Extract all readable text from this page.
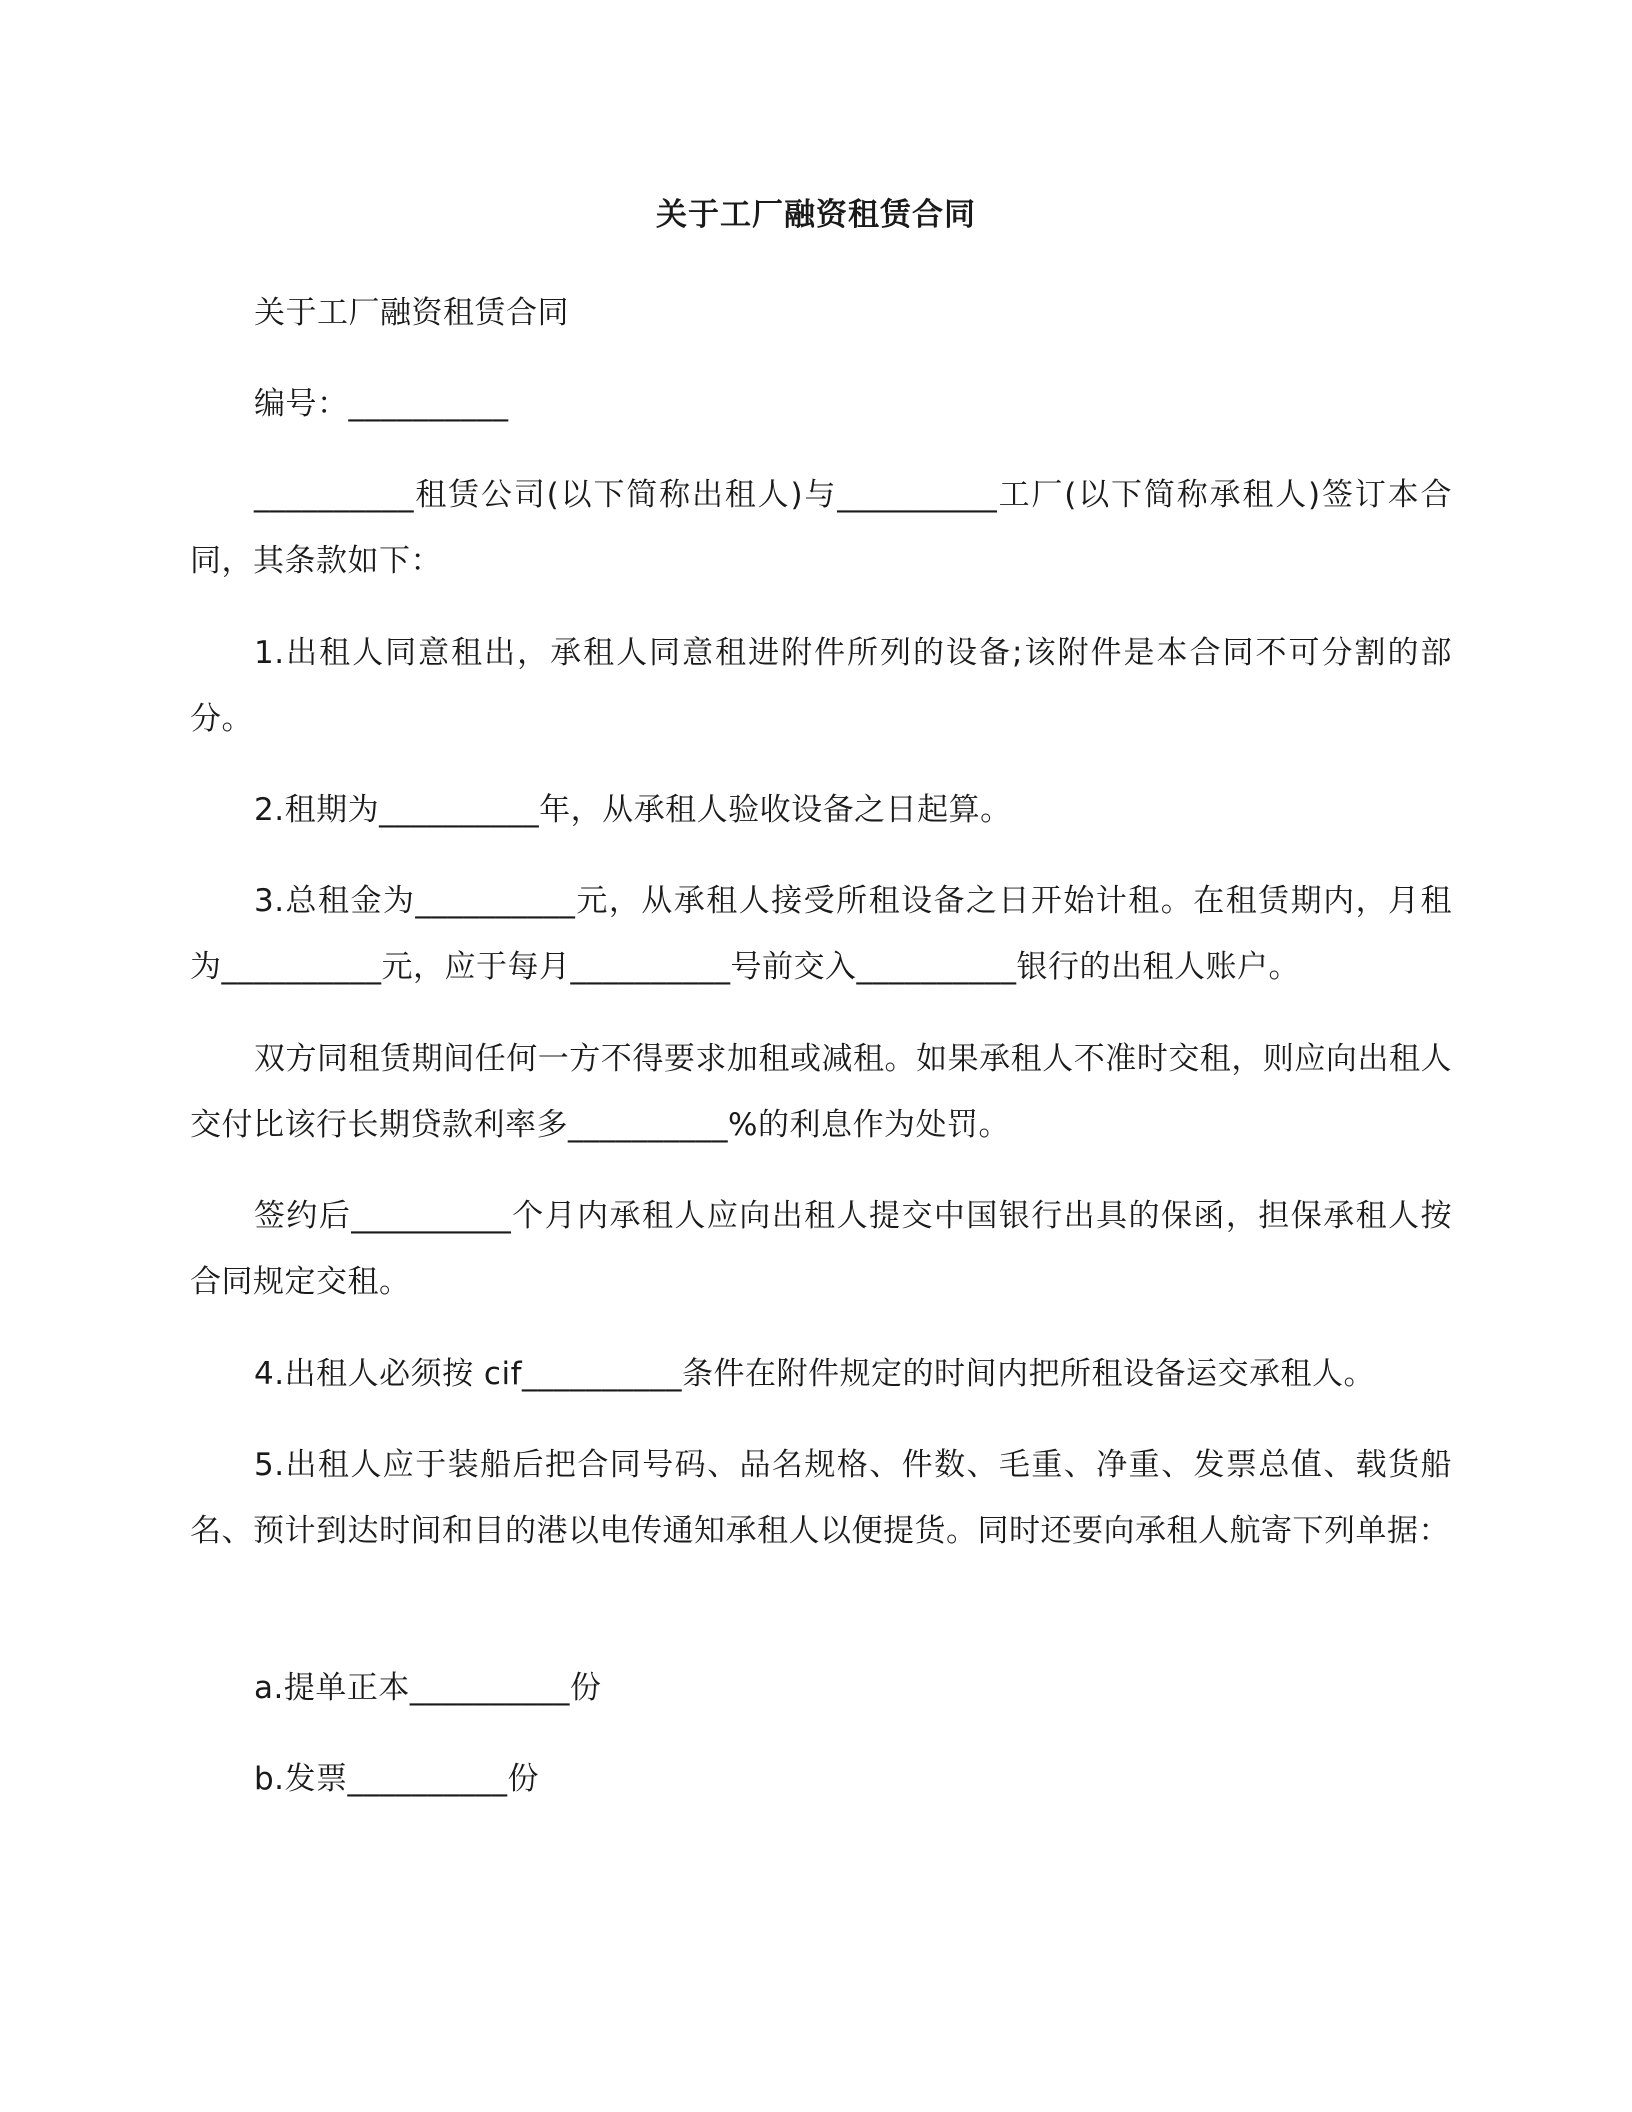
关于工厂融资租赁合同

关于工厂融资租赁合同

编号：__________

__________租赁公司(以下简称出租人)与__________工厂(以下简称承租人)签订本合同，其条款如下：

1.出租人同意租出，承租人同意租进附件所列的设备;该附件是本合同不可分割的部分。

2.租期为__________年，从承租人验收设备之日起算。

3.总租金为__________元，从承租人接受所租设备之日开始计租。在租赁期内，月租为__________元，应于每月__________号前交入__________银行的出租人账户。

双方同租赁期间任何一方不得要求加租或减租。如果承租人不准时交租，则应向出租人交付比该行长期贷款利率多__________%的利息作为处罚。

签约后__________个月内承租人应向出租人提交中国银行出具的保函，担保承租人按合同规定交租。

4.出租人必须按 cif__________条件在附件规定的时间内把所租设备运交承租人。

5.出租人应于装船后把合同号码、品名规格、件数、毛重、净重、发票总值、载货船名、预计到达时间和目的港以电传通知承租人以便提货。同时还要向承租人航寄下列单据：

a.提单正本__________份

b.发票__________份
